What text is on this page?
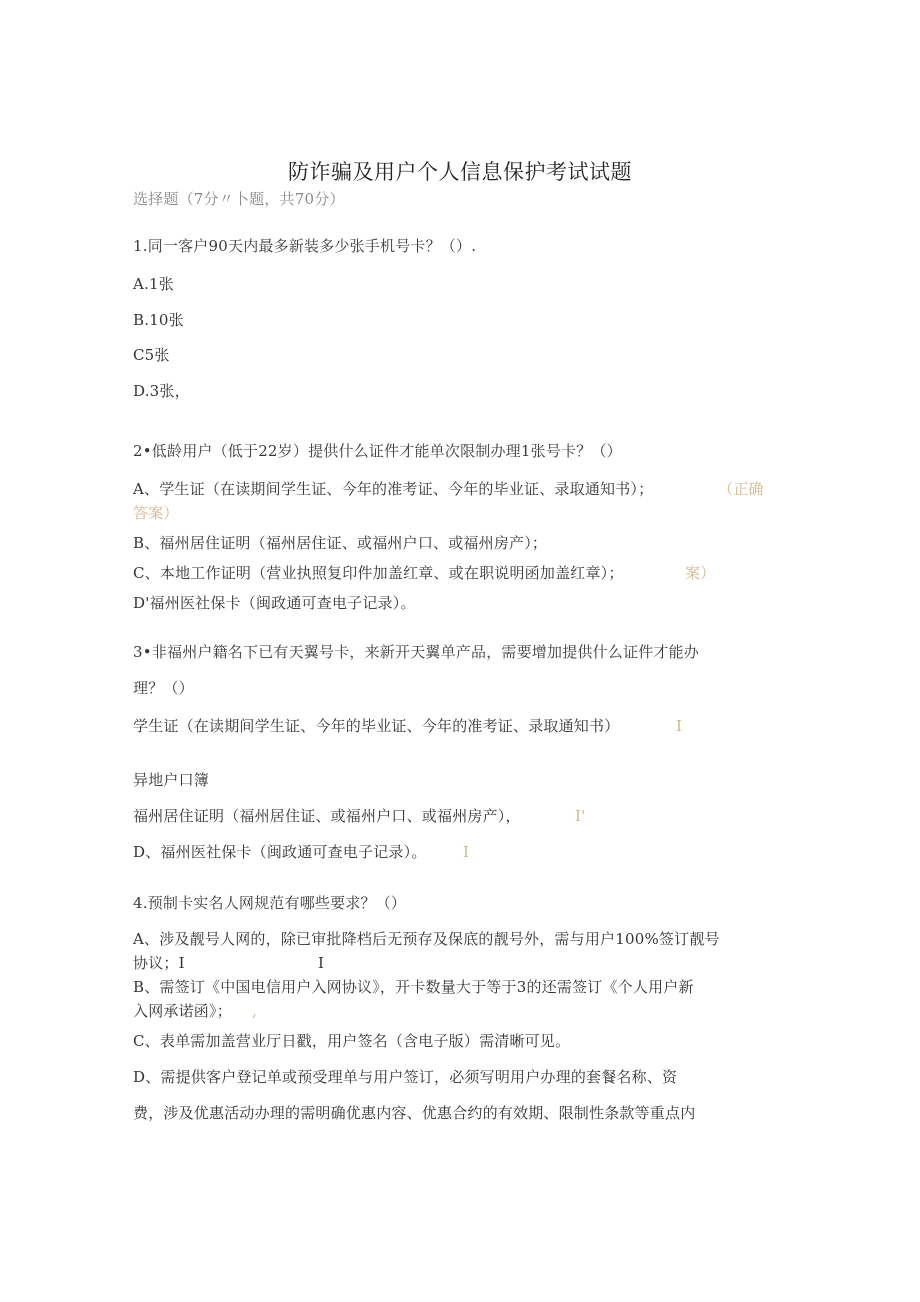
防诈骗及用户个人信息保护考试试题
选择题（7分〃卜题，共70分）
1.同一客户90天内最多新装多少张手机号卡？（）.
A.1张
B.10张
C5张
D.3张，
2•低龄用户（低于22岁）提供什么证件才能单次限制办理1张号卡？（）
A、学生证（在读期间学生证、今年的准考证、今年的毕业证、录取通知书）；	（正确
答案）
B、福州居住证明（福州居住证、或福州户口、或福州房产）；
C、本地工作证明（营业执照复印件加盖红章、或在职说明函加盖红章）；	案）
D'福州医社保卡（闽政通可查电子记录）。
3•非福州户籍名下已有天翼号卡，来新开天翼单产品，需要增加提供什么证件才能办
理？（）
学生证（在读期间学生证、今年的毕业证、今年的准考证、录取通知书）	I
异地户口簿
福州居住证明（福州居住证、或福州户口、或福州房产），	I'
D、福州医社保卡（闽政通可查电子记录）。 I
4.预制卡实名人网规范有哪些要求？（）
A、涉及靓号人网的，除已审批降档后无预存及保底的靓号外，需与用户100%签订靓号
协议；I	I
B、需签订《中国电信用户入网协议》，开卡数量大于等于3的还需签订《个人用户新
入网承诺函》； ,
C、表单需加盖营业厅日戳，用户签名（含电子版）需清晰可见。
D、需提供客户登记单或预受理单与用户签订，必须写明用户办理的套餐名称、资
费，涉及优惠活动办理的需明确优惠内容、优惠合约的有效期、限制性条款等重点内
